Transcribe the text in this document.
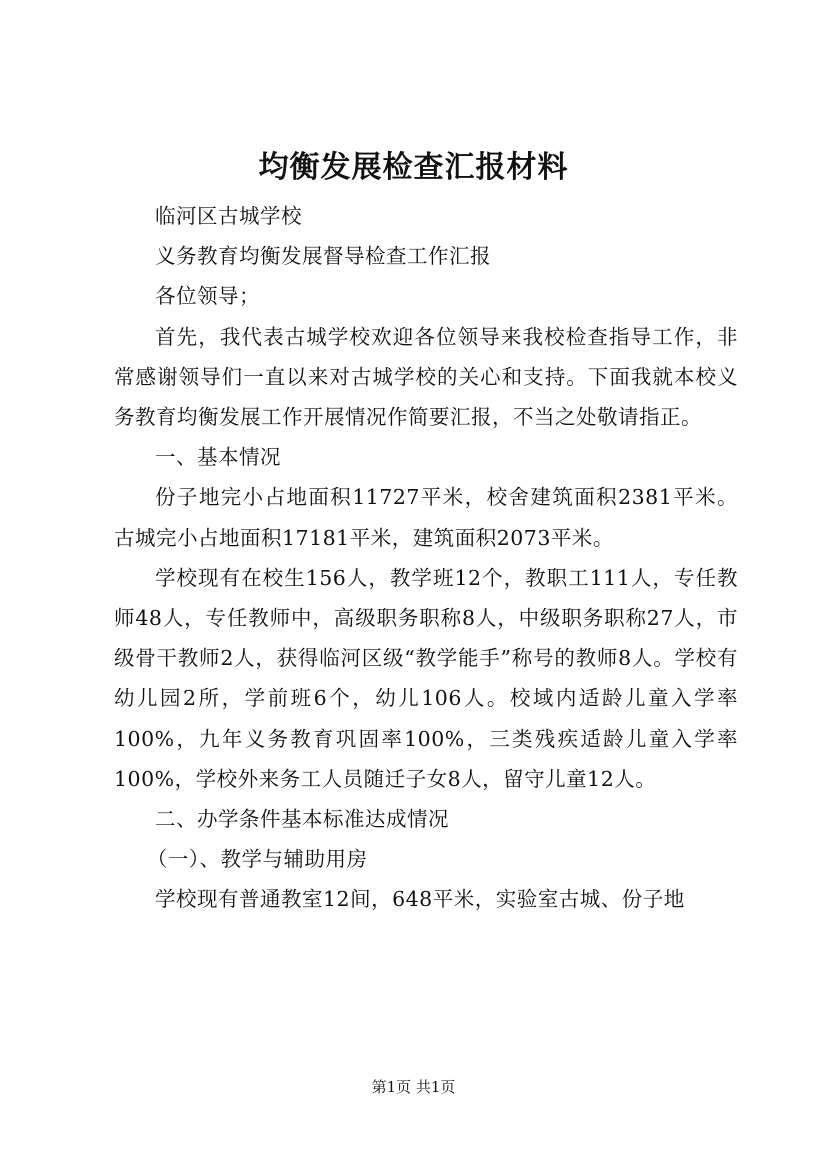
均衡发展检查汇报材料

临河区古城学校

义务教育均衡发展督导检查工作汇报

各位领导；

首先，我代表古城学校欢迎各位领导来我校检查指导工作，非常感谢领导们一直以来对古城学校的关心和支持。下面我就本校义务教育均衡发展工作开展情况作简要汇报，不当之处敬请指正。

一、基本情况

份子地完小占地面积11727平米，校舍建筑面积2381平米。古城完小占地面积17181平米，建筑面积2073平米。

学校现有在校生156人，教学班12个，教职工111人，专任教师48人，专任教师中，高级职务职称8人，中级职务职称27人，市级骨干教师2人，获得临河区级“教学能手”称号的教师8人。学校有幼儿园2所，学前班6个，幼儿106人。校域内适龄儿童入学率100%，九年义务教育巩固率100%，三类残疾适龄儿童入学率100%，学校外来务工人员随迁子女8人，留守儿童12人。

二、办学条件基本标准达成情况

（一）、教学与辅助用房

学校现有普通教室12间，648平米，实验室古城、份子地

第1页 共1页
